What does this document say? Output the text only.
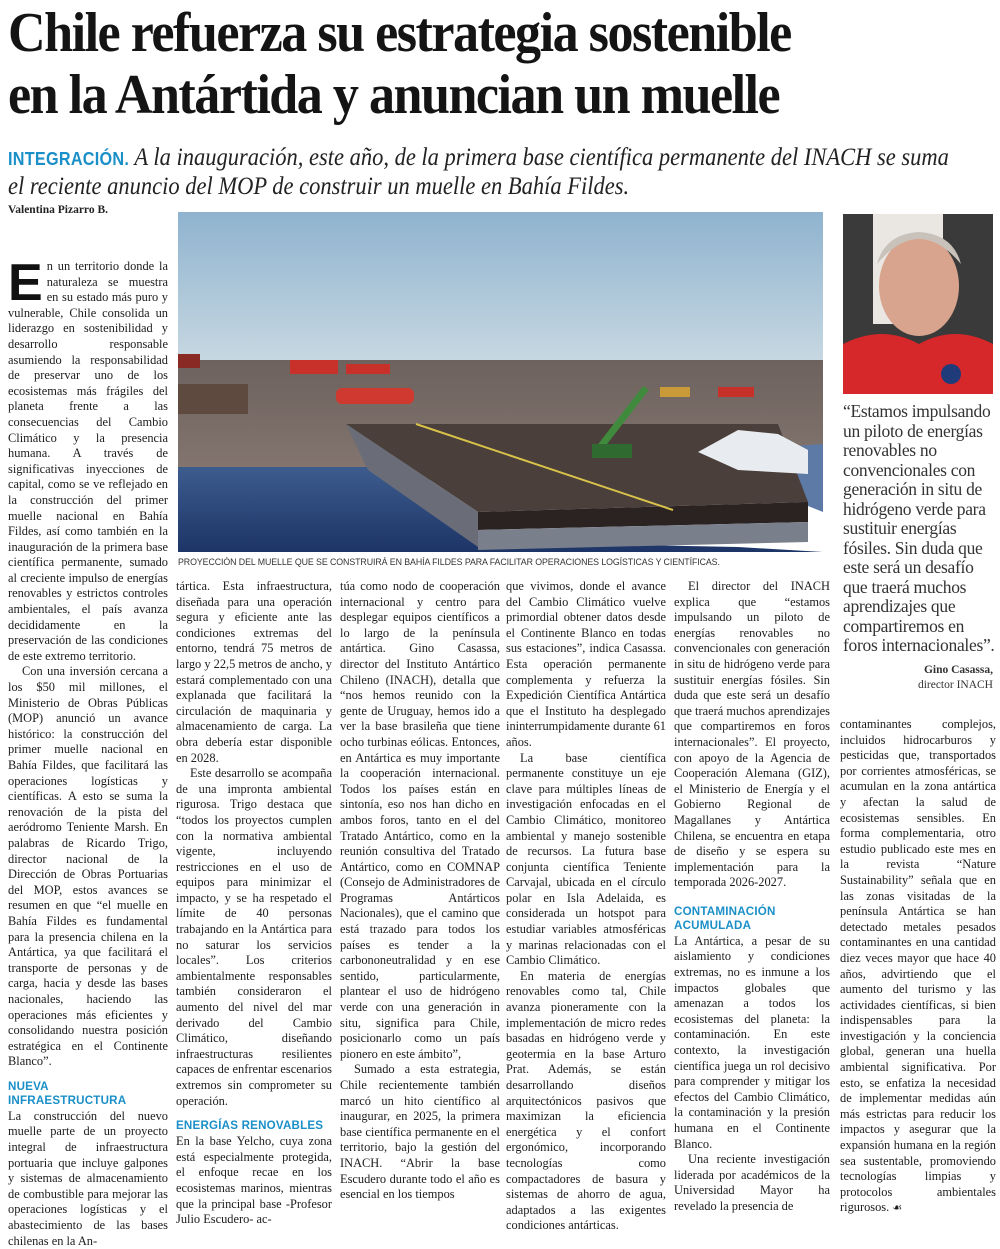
Chile refuerza su estrategia sostenible
en la Antártida y anuncian un muelle

INTEGRACIÓN. A la inauguración, este año, de la primera base científica permanente del INACH se suma el reciente anuncio del MOP de construir un muelle en Bahía Fildes.

Valentina Pizarro B.
PROYECCIÓN DEL MUELLE QUE SE CONSTRUIRÁ EN BAHÍA FILDES PARA FACILITAR OPERACIONES LOGÍSTICAS Y CIENTÍFICAS.

“Estamos impulsando un piloto de energías renovables no convencionales con generación in situ de hidrógeno verde para sustituir energías fósiles. Sin duda que este será un desafío que traerá muchos aprendizajes que compartiremos en foros internacionales”.

Gino Casassa,
director INACH

En un territorio donde la naturaleza se muestra en su estado más puro y vulnerable, Chile consolida un liderazgo en sostenibilidad y desarrollo responsable asumiendo la responsabilidad de preservar uno de los ecosistemas más frágiles del planeta frente a las consecuencias del Cambio Climático y la presencia humana. A través de significativas inyecciones de capital, como se ve reflejado en la construcción del primer muelle nacional en Bahía Fildes, así como también en la inauguración de la primera base científica permanente, sumado al creciente impulso de energías renovables y estrictos controles ambientales, el país avanza decididamente en la preservación de las condiciones de este extremo territorio.

Con una inversión cercana a los $50 mil millones, el Ministerio de Obras Públicas (MOP) anunció un avance histórico: la construcción del primer muelle nacional en Bahía Fildes, que facilitará las operaciones logísticas y científicas. A esto se suma la renovación de la pista del aeródromo Teniente Marsh. En palabras de Ricardo Trigo, director nacional de la Dirección de Obras Portuarias del MOP, estos avances se resumen en que “el muelle en Bahía Fildes es fundamental para la presencia chilena en la Antártica, ya que facilitará el transporte de personas y de carga, hacia y desde las bases nacionales, haciendo las operaciones más eficientes y consolidando nuestra posición estratégica en el Continente Blanco”.

NUEVA INFRAESTRUCTURA

La construcción del nuevo muelle parte de un proyecto integral de infraestructura portuaria que incluye galpones y sistemas de almacenamiento de combustible para mejorar las operaciones logísticas y el abastecimiento de las bases chilenas en la An-

tártica. Esta infraestructura, diseñada para una operación segura y eficiente ante las condiciones extremas del entorno, tendrá 75 metros de largo y 22,5 metros de ancho, y estará complementado con una explanada que facilitará la circulación de maquinaria y almacenamiento de carga. La obra debería estar disponible en 2028.

Este desarrollo se acompaña de una impronta ambiental rigurosa. Trigo destaca que “todos los proyectos cumplen con la normativa ambiental vigente, incluyendo restricciones en el uso de equipos para minimizar el impacto, y se ha respetado el límite de 40 personas trabajando en la Antártica para no saturar los servicios locales”. Los criterios ambientalmente responsables también consideraron el aumento del nivel del mar derivado del Cambio Climático, diseñando infraestructuras resilientes capaces de enfrentar escenarios extremos sin comprometer su operación.

ENERGÍAS RENOVABLES

En la base Yelcho, cuya zona está especialmente protegida, el enfoque recae en los ecosistemas marinos, mientras que la principal base -Profesor Julio Escudero- ac-

túa como nodo de cooperación internacional y centro para desplegar equipos científicos a lo largo de la península antártica. Gino Casassa, director del Instituto Antártico Chileno (INACH), detalla que “nos hemos reunido con la gente de Uruguay, hemos ido a ver la base brasileña que tiene ocho turbinas eólicas. Entonces, en Antártica es muy importante la cooperación internacional. Todos los países están en sintonía, eso nos han dicho en ambos foros, tanto en el del Tratado Antártico, como en la reunión consultiva del Tratado Antártico, como en COMNAP (Consejo de Administradores de Programas Antárticos Nacionales), que el camino que está trazado para todos los países es tender a la carbononeutralidad y en ese sentido, particularmente, plantear el uso de hidrógeno verde con una generación in situ, significa para Chile, posicionarlo como un país pionero en este ámbito”,

Sumado a esta estrategia, Chile recientemente también marcó un hito científico al inaugurar, en 2025, la primera base científica permanente en el territorio, bajo la gestión del INACH. “Abrir la base Escudero durante todo el año es esencial en los tiempos

que vivimos, donde el avance del Cambio Climático vuelve primordial obtener datos desde el Continente Blanco en todas sus estaciones”, indica Casassa. Esta operación permanente complementa y refuerza la Expedición Científica Antártica que el Instituto ha desplegado ininterrumpidamente durante 61 años.

La base científica permanente constituye un eje clave para múltiples líneas de investigación enfocadas en el Cambio Climático, monitoreo ambiental y manejo sostenible de recursos. La futura base conjunta científica Teniente Carvajal, ubicada en el círculo polar en Isla Adelaida, es considerada un hotspot para estudiar variables atmosféricas y marinas relacionadas con el Cambio Climático.

En materia de energías renovables como tal, Chile avanza pioneramente con la implementación de micro redes basadas en hidrógeno verde y geotermia en la base Arturo Prat. Además, se están desarrollando diseños arquitectónicos pasivos que maximizan la eficiencia energética y el confort ergonómico, incorporando tecnologías como compactadores de basura y sistemas de ahorro de agua, adaptados a las exigentes condiciones antárticas.

El director del INACH explica que “estamos impulsando un piloto de energías renovables no convencionales con generación in situ de hidrógeno verde para sustituir energías fósiles. Sin duda que este será un desafío que traerá muchos aprendizajes que compartiremos en foros internacionales”. El proyecto, con apoyo de la Agencia de Cooperación Alemana (GIZ), el Ministerio de Energía y el Gobierno Regional de Magallanes y Antártica Chilena, se encuentra en etapa de diseño y se espera su implementación para la temporada 2026-2027.

CONTAMINACIÓN ACUMULADA

La Antártica, a pesar de su aislamiento y condiciones extremas, no es inmune a los impactos globales que amenazan a todos los ecosistemas del planeta: la contaminación. En este contexto, la investigación científica juega un rol decisivo para comprender y mitigar los efectos del Cambio Climático, la contaminación y la presión humana en el Continente Blanco.

Una reciente investigación liderada por académicos de la Universidad Mayor ha revelado la presencia de

contaminantes complejos, incluidos hidrocarburos y pesticidas que, transportados por corrientes atmosféricas, se acumulan en la zona antártica y afectan la salud de ecosistemas sensibles. En forma complementaria, otro estudio publicado este mes en la revista “Nature Sustainability” señala que en las zonas visitadas de la península Antártica se han detectado metales pesados contaminantes en una cantidad diez veces mayor que hace 40 años, advirtiendo que el aumento del turismo y las actividades científicas, si bien indispensables para la investigación y la conciencia global, generan una huella ambiental significativa. Por esto, se enfatiza la necesidad de implementar medidas aún más estrictas para reducir los impactos y asegurar que la expansión humana en la región sea sustentable, promoviendo tecnologías limpias y protocolos ambientales rigurosos. ☙
